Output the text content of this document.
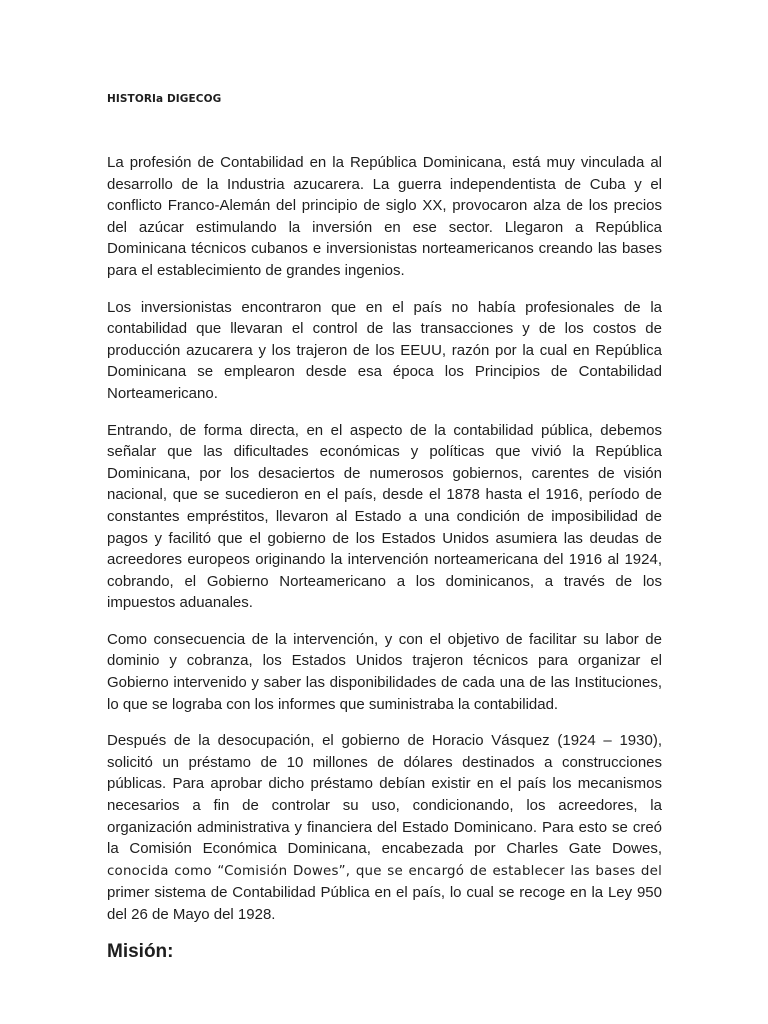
HISTORIa DIGECOG

La profesión de Contabilidad en la República Dominicana, está muy vinculada al desarrollo de la Industria azucarera. La guerra independentista de Cuba y el conflicto Franco-Alemán del principio de siglo XX, provocaron alza de los precios del azúcar estimulando la inversión en ese sector. Llegaron a República Dominicana técnicos cubanos e inversionistas norteamericanos creando las bases para el establecimiento de grandes ingenios.

Los inversionistas encontraron que en el país no había profesionales de la contabilidad que llevaran el control de las transacciones y de los costos de producción azucarera y los trajeron de los EEUU, razón por la cual en República Dominicana se emplearon desde esa época los Principios de Contabilidad Norteamericano.

Entrando, de forma directa, en el aspecto de la contabilidad pública, debemos señalar que las dificultades económicas y políticas que vivió la República Dominicana, por los desaciertos de numerosos gobiernos, carentes de visión nacional, que se sucedieron en el país, desde el 1878 hasta el 1916, período de constantes empréstitos, llevaron al Estado a una condición de imposibilidad de pagos y facilitó que el gobierno de los Estados Unidos asumiera las deudas de acreedores europeos originando la intervención norteamericana del 1916 al 1924, cobrando, el Gobierno Norteamericano a los dominicanos, a través de los impuestos aduanales.

Como consecuencia de la intervención, y con el objetivo de facilitar su labor de dominio y cobranza, los Estados Unidos trajeron técnicos para organizar el Gobierno intervenido y saber las disponibilidades de cada una de las Instituciones, lo que se lograba con los informes que suministraba la contabilidad.

Después de la desocupación, el gobierno de Horacio Vásquez (1924 – 1930), solicitó un préstamo de 10 millones de dólares destinados a construcciones públicas. Para aprobar dicho préstamo debían existir en el país los mecanismos necesarios a fin de controlar su uso, condicionando, los acreedores, la organización administrativa y financiera del Estado Dominicano. Para esto se creó la Comisión Económica Dominicana, encabezada por Charles Gate Dowes, conocida como “Comisión Dowes”, que se encargó de establecer las bases del primer sistema de Contabilidad Pública en el país, lo cual se recoge en la Ley 950 del 26 de Mayo del 1928.

Misión:
